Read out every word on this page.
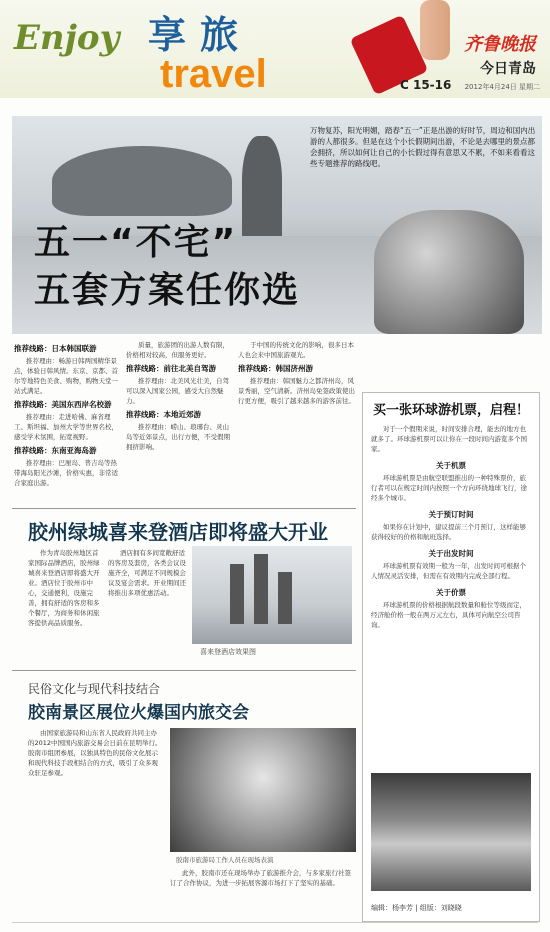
Enjoy 享旅
travel
齐鲁晚报
今日青岛
C 15-16 2012年4月24日 星期二
万物复苏，阳光明媚，踏春“五一”正是出游的好时节，周边和国内出游的人都很多。但是在这个小长假期间出游，不论是去哪里的景点都会拥挤，所以如何让自己的小长假过得有意思又不累，不如来看看这些专题推荐的路线吧。
五一“不宅”
五套方案任你选
推荐线路：日本韩国联游

推荐理由：畅游日韩两国精华景点，体验日韩风情。东京、京都、首尔等地特色美食、购物，购物天堂一站式满足。

推荐线路：美国东西岸名校游

推荐理由：走进哈佛、麻省理工、斯坦福、加州大学等世界名校，感受学术氛围，拓宽视野。

推荐线路：东南亚海岛游

推荐理由：巴厘岛、普吉岛等热带海岛阳光沙滩，价格实惠，非常适合家庭出游。

质量，旅游团的出游人数有限，价格相对较高，但服务更好。

推荐线路：前往北美自驾游

推荐理由：北美风光壮美，自驾可以深入国家公园，感受大自然魅力。

推荐线路：本地近郊游

推荐理由：崂山、琅琊台、灵山岛等近郊景点，出行方便，不受假期拥挤影响。

于中国的传统文化的影响，很多日本人也会来中国旅游观光。

推荐线路：韩国济州游

推荐理由：韩国魅力之都济州岛，风景秀丽，空气清新。济州岛免签政策使出行更方便，吸引了越来越多的游客前往。

买一张环球游机票，启程！

对于一个假期来说，时间安排合理，能去的地方也就多了。环球游机票可以让你在一段时间内游览多个国家。

关于机票

环球游机票是由航空联盟推出的一种特殊票价，旅行者可以在规定时间内按照一个方向环绕地球飞行，途经多个城市。

关于预订时间

如果你在计划中，建议提前三个月预订，这样能够获得较好的价格和航班选择。

关于出发时间

环球游机票有效期一般为一年，出发时间可根据个人情况灵活安排，但需在有效期内完成全部行程。

关于价票

环球游机票的价格根据航段数量和舱位等级而定，经济舱价格一般在两万元左右，具体可向航空公司咨询。

编辑：杨李芳 | 组版：刘晓晓
胶州绿城喜来登酒店即将盛大开业

作为青岛胶州地区首家国际品牌酒店，胶州绿城喜来登酒店即将盛大开业。酒店位于胶州市中心，交通便利，设施完善，拥有舒适的客房和多个餐厅，为商务和休闲旅客提供高品质服务。

酒店拥有多间宽敞舒适的客房及套房，各类会议设施齐全，可满足不同规模会议及宴会需求。开业期间还将推出多项优惠活动。

喜来登酒店效果图
民俗文化与现代科技结合
胶南景区展位火爆国内旅交会

由国家旅游局和山东省人民政府共同主办的2012中国国内旅游交易会日前在昆明举行。胶南市组团参展，以独具特色的民俗文化展示和现代科技手段相结合的方式，吸引了众多观众驻足参观。

胶南市旅游局工作人员在现场表演

此外，胶南市还在现场举办了旅游推介会，与多家旅行社签订了合作协议，为进一步拓展客源市场打下了坚实的基础。
